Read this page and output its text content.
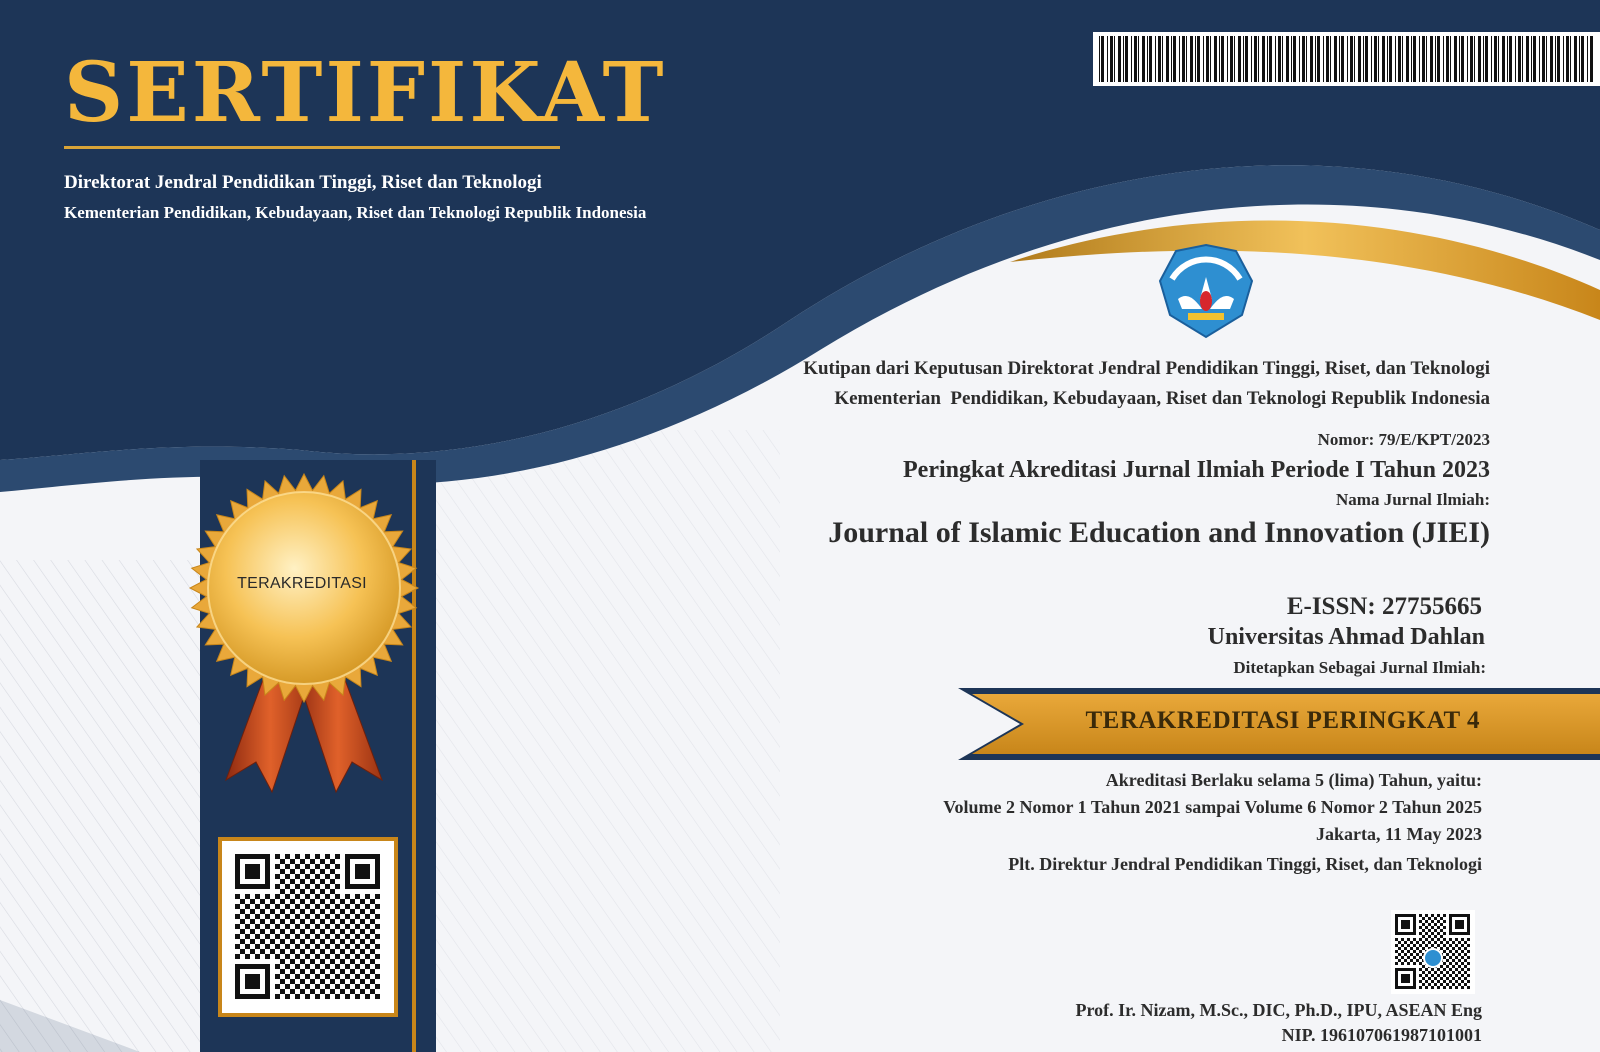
SERTIFIKAT
Direktorat Jendral Pendidikan Tinggi, Riset dan Teknologi
Kementerian Pendidikan, Kebudayaan, Riset dan Teknologi Republik Indonesia
Kutipan dari Keputusan Direktorat Jendral Pendidikan Tinggi, Riset, dan Teknologi
Kementerian  Pendidikan, Kebudayaan, Riset dan Teknologi Republik Indonesia
Nomor: 79/E/KPT/2023
Peringkat Akreditasi Jurnal Ilmiah Periode I Tahun 2023
Nama Jurnal Ilmiah:
Journal of Islamic Education and Innovation (JIEI)
E-ISSN: 27755665
Universitas Ahmad Dahlan
Ditetapkan Sebagai Jurnal Ilmiah:
TERAKREDITASI PERINGKAT 4
Akreditasi Berlaku selama 5 (lima) Tahun, yaitu:
Volume 2 Nomor 1 Tahun 2021 sampai Volume 6 Nomor 2 Tahun 2025
Jakarta, 11 May 2023
Plt. Direktur Jendral Pendidikan Tinggi, Riset, dan Teknologi
Prof. Ir. Nizam, M.Sc., DIC, Ph.D., IPU, ASEAN Eng
NIP. 196107061987101001
TERAKREDITASI
